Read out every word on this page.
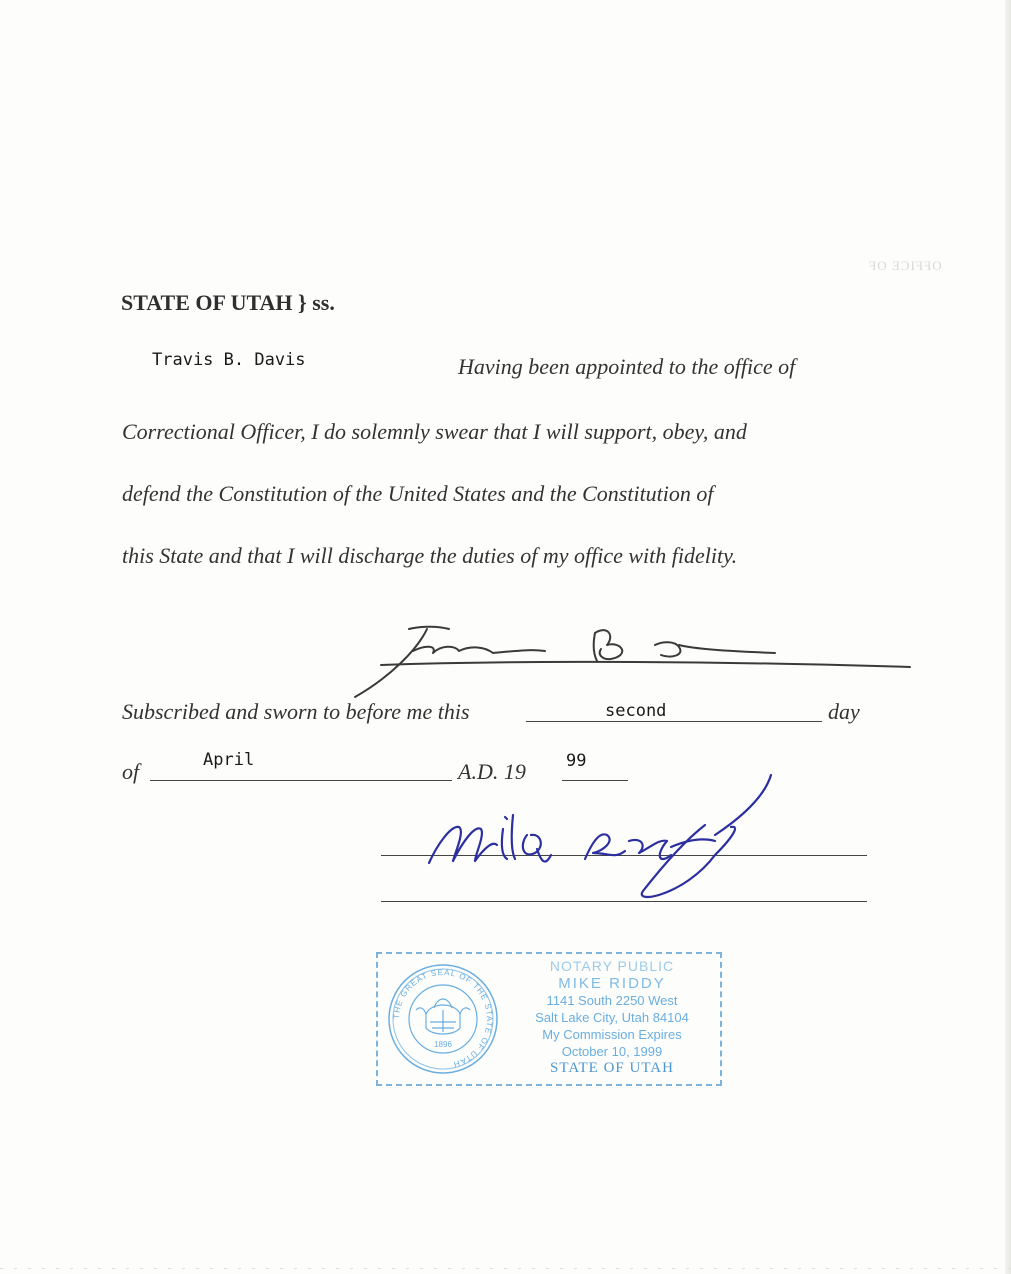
OFFICE OF
STATE OF UTAH } ss.
Travis B. Davis	Having been appointed to the office of
Correctional Officer, I do solemnly swear that I will support, obey, and
defend the Constitution of the United States and the Constitution of
this State and that I will discharge the duties of my office with fidelity.
Subscribed and sworn to before me this	second	day
of	April	A.D. 19 99
THE GREAT SEAL OF THE STATE OF UTAH
1896
NOTARY PUBLIC
MIKE RIDDY
1141 South 2250 West
Salt Lake City, Utah 84104
My Commission Expires
October 10, 1999
STATE OF UTAH
